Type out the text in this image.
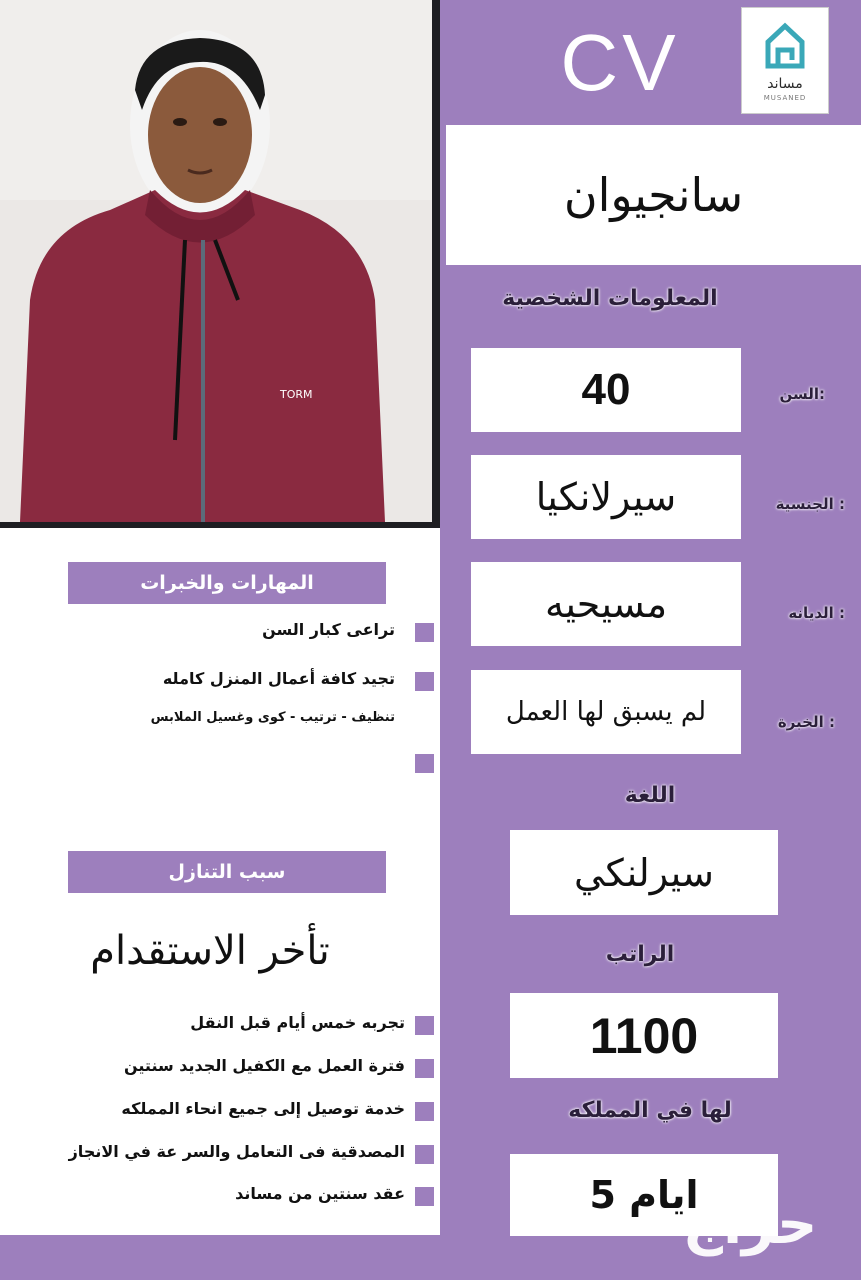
TORM
CV	مساند
MUSANED
سانجيوان
المعلومات الشخصية
40	السن:
سيرلانكيا	الجنسية :
مسيحيه	الديانه :
لم يسبق لها العمل	الخبرة :
اللغة
سيرلنكي
الراتب
1100
لها في المملكه
5 ايام
المهارات والخبرات
تراعى كبار السن
تجيد كافة أعمال المنزل كامله
تنظيف - ترتيب - كوى وغسيل الملابس
سبب التنازل
تأخر الاستقدام
تجربه خمس أيام قبل النقل
فترة العمل مع الكفيل الجديد سنتين
خدمة توصيل إلى جميع انحاء المملكه
المصدقية فى التعامل والسر عة في الانجاز
عقد سنتين من مساند	حراج
